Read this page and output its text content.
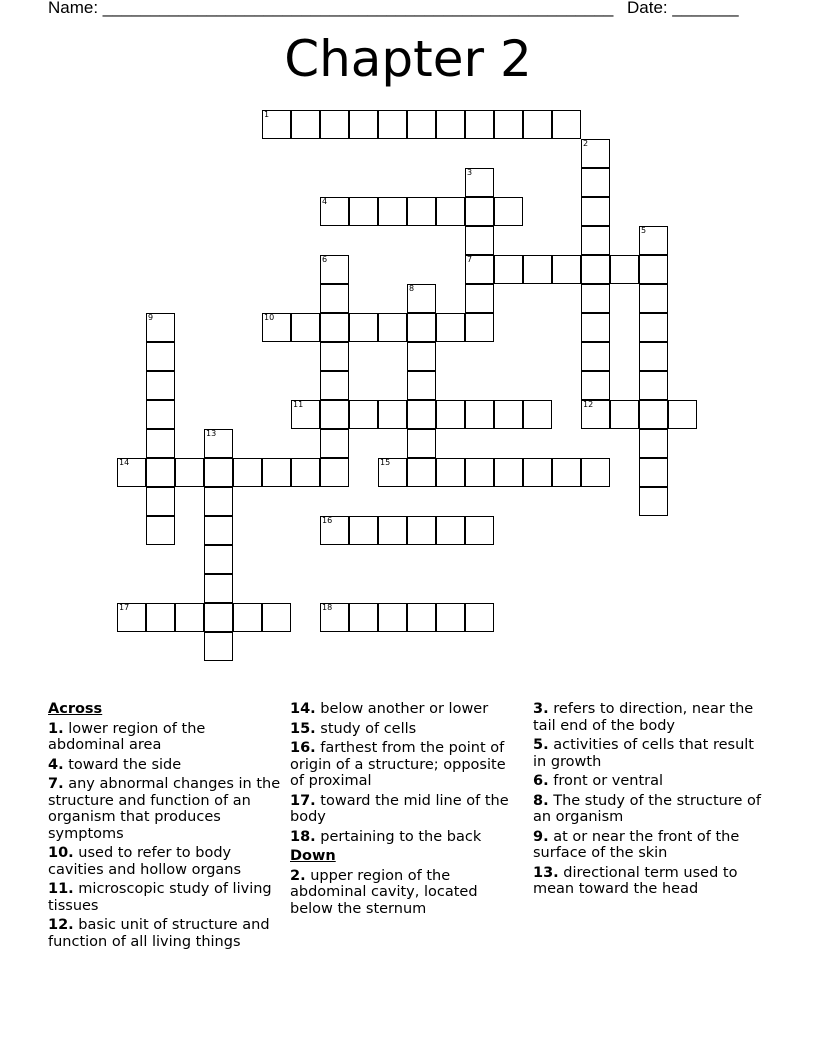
Name: ______________________________________________________ Date: _______
Chapter 2
1
2
3
7
4
5
6
8
9	10
11	12
13
14	15
16
17	18
Across
1. lower region of the abdominal area
4. toward the side
7. any abnormal changes in the structure and function of an organism that produces symptoms
10. used to refer to body cavities and hollow organs
11. microscopic study of living tissues
12. basic unit of structure and function of all living things
14. below another or lower
15. study of cells
16. farthest from the point of origin of a structure; opposite of proximal
17. toward the mid line of the body
18. pertaining to the back
Down
2. upper region of the abdominal cavity, located below the sternum
3. refers to direction, near the tail end of the body
5. activities of cells that result in growth
6. front or ventral
8. The study of the structure of an organism
9. at or near the front of the surface of the skin
13. directional term used to mean toward the head
